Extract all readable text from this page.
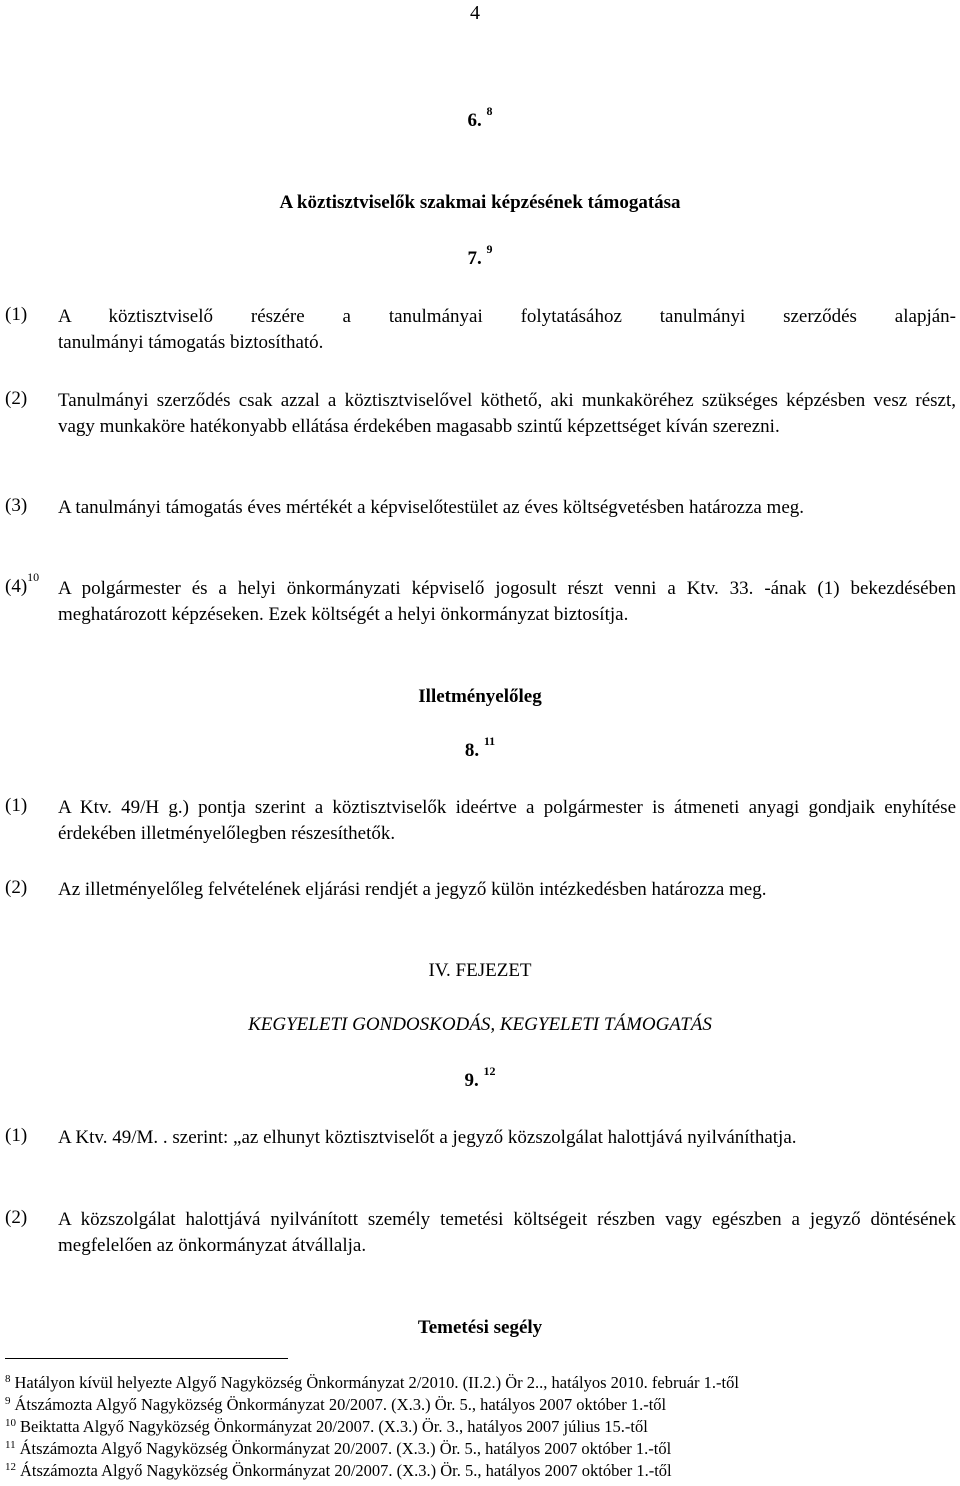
4
6. $^8$
A köztisztviselők szakmai képzésének támogatása
7. $^9$
(1) A köztisztviselő részére a tanulmányai folytatásához tanulmányi szerződés alapján-
tanulmányi támogatás biztosítható.
(2) Tanulmányi szerződés csak azzal a köztisztviselővel köthető, aki munkaköréhez szükséges képzésben vesz részt, vagy munkaköre hatékonyabb ellátása érdekében magasabb szintű képzettséget kíván szerezni.
(3) A tanulmányi támogatás éves mértékét a képviselőtestület az éves költségvetésben határozza meg.
$(4)^{10}$
A polgármester és a helyi önkormányzati képviselő jogosult részt venni a Ktv. 33. -ának (1) bekezdésében meghatározott képzéseken. Ezek költségét a helyi önkormányzat biztosítja.
Illetményelőleg
8. $^{11}$
(1) A Ktv. 49/H g.) pontja szerint a köztisztviselők ideértve a polgármester is átmeneti anyagi gondjaik enyhítése érdekében illetményelőlegben részesíthetők.
(2) Az illetményelőleg felvételének eljárási rendjét a jegyző külön intézkedésben határozza meg.
IV. FEJEZET
KEGYELETI GONDOSKODÁS, KEGYELETI TÁMOGATÁS
9. $^{12}$
(1) A Ktv. 49/M. . szerint: „az elhunyt köztisztviselőt a jegyző közszolgálat halottjává nyilváníthatja.
(2) A közszolgálat halottjává nyilvánított személy temetési költségeit részben vagy egészben a jegyző döntésének megfelelően az önkormányzat átvállalja.
Temetési segély
$^8$ Hatályon kívül helyezte Algyő Nagyközség Önkormányzat 2/2010. (II.2.) Ör 2.., hatályos 2010. február 1.-től
$^9$ Átszámozta Algyő Nagyközség Önkormányzat 20/2007. (X.3.) Ör. 5., hatályos 2007 október 1.-től
$^{10}$ Beiktatta Algyő Nagyközség Önkormányzat 20/2007. (X.3.) Ör. 3., hatályos 2007 július 15.-től
$^{11}$ Átszámozta Algyő Nagyközség Önkormányzat 20/2007. (X.3.) Ör. 5., hatályos 2007 október 1.-től
$^{12}$ Átszámozta Algyő Nagyközség Önkormányzat 20/2007. (X.3.) Ör. 5., hatályos 2007 október 1.-től
